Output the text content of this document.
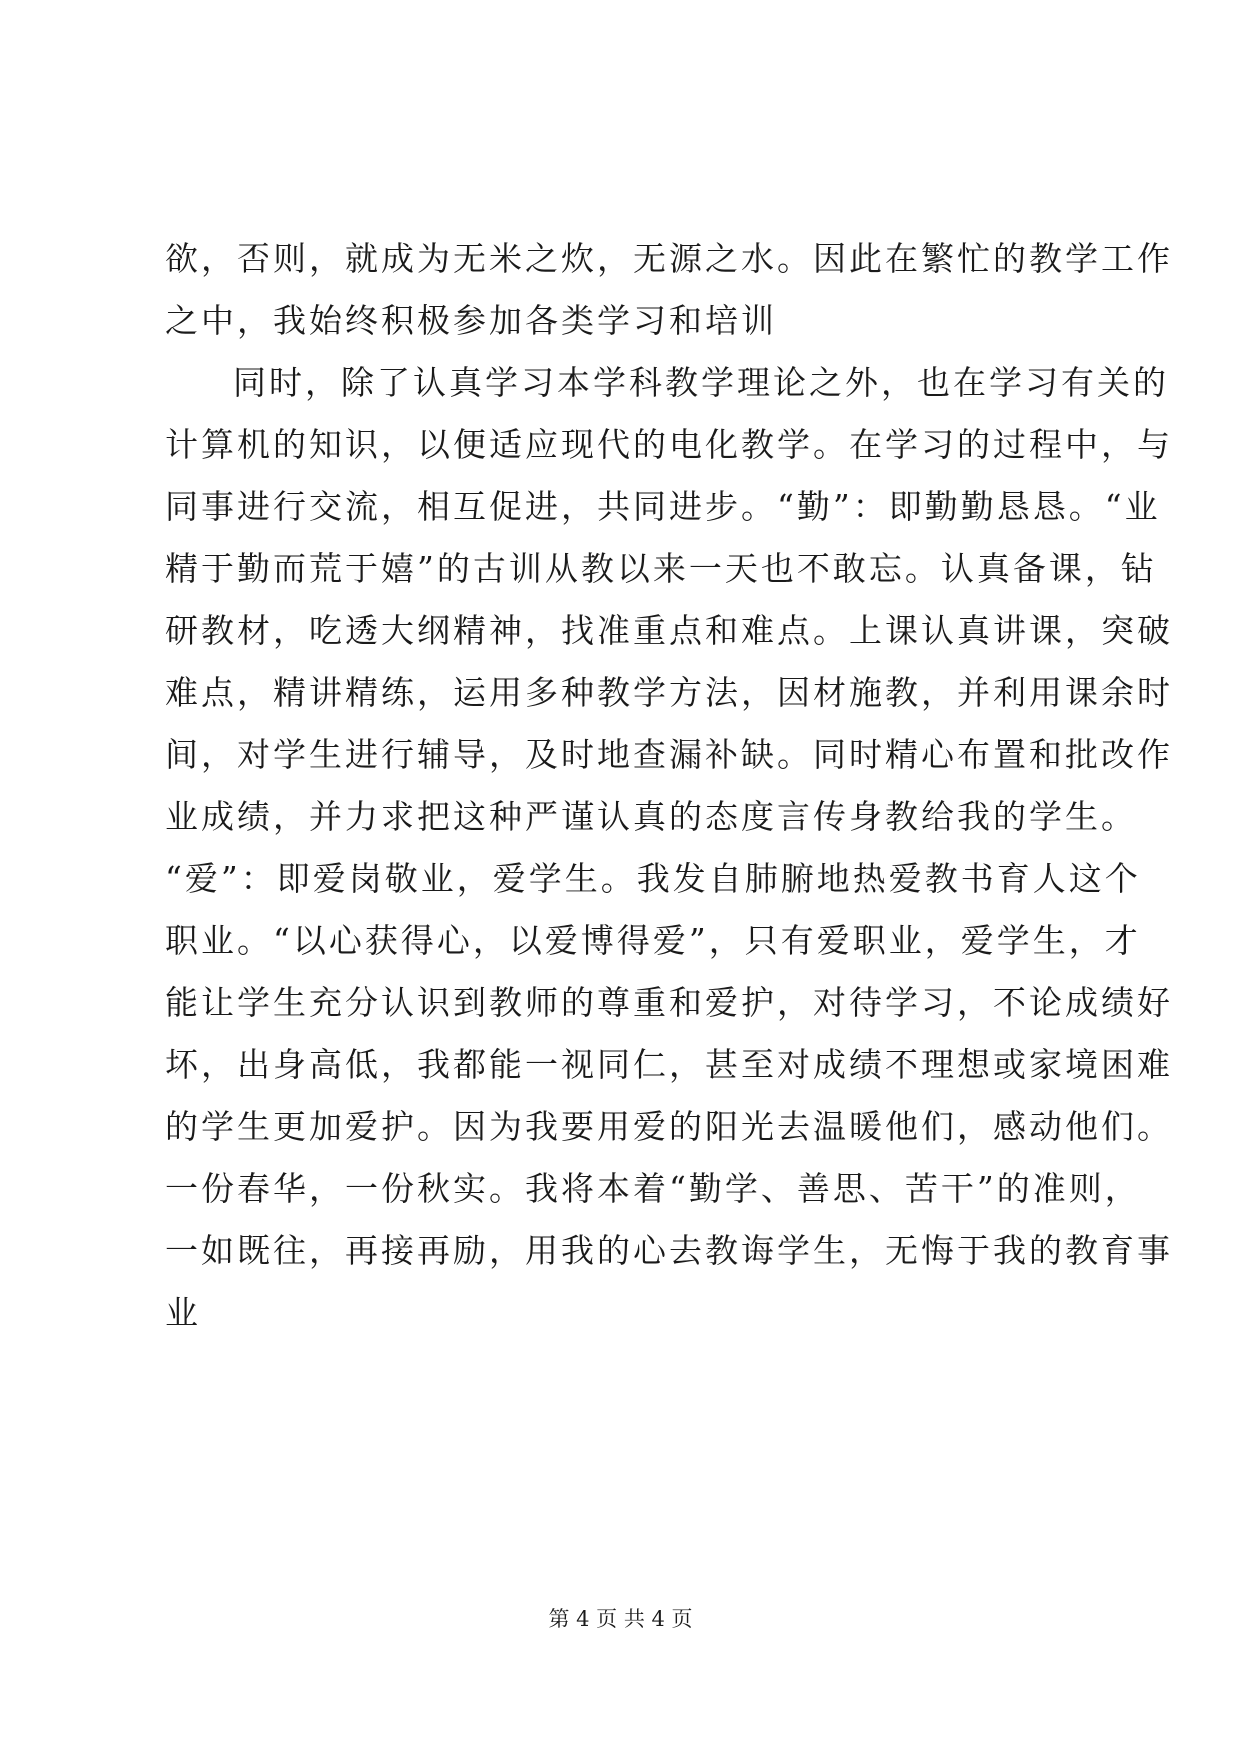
欲，否则，就成为无米之炊，无源之水。因此在繁忙的教学工作
之中，我始终积极参加各类学习和培训
同时，除了认真学习本学科教学理论之外，也在学习有关的
计算机的知识，以便适应现代的电化教学。在学习的过程中，与
同事进行交流，相互促进，共同进步。“勤”：即勤勤恳恳。“业
精于勤而荒于嬉”的古训从教以来一天也不敢忘。认真备课，钻
研教材，吃透大纲精神，找准重点和难点。上课认真讲课，突破
难点，精讲精练，运用多种教学方法，因材施教，并利用课余时
间，对学生进行辅导，及时地查漏补缺。同时精心布置和批改作
业成绩，并力求把这种严谨认真的态度言传身教给我的学生。
“爱”：即爱岗敬业，爱学生。我发自肺腑地热爱教书育人这个
职业。“以心获得心，以爱博得爱”，只有爱职业，爱学生，才
能让学生充分认识到教师的尊重和爱护，对待学习，不论成绩好
坏，出身高低，我都能一视同仁，甚至对成绩不理想或家境困难
的学生更加爱护。因为我要用爱的阳光去温暖他们，感动他们。
一份春华，一份秋实。我将本着“勤学、善思、苦干”的准则，
一如既往，再接再励，用我的心去教诲学生，无悔于我的教育事
业
第 4 页 共 4 页
